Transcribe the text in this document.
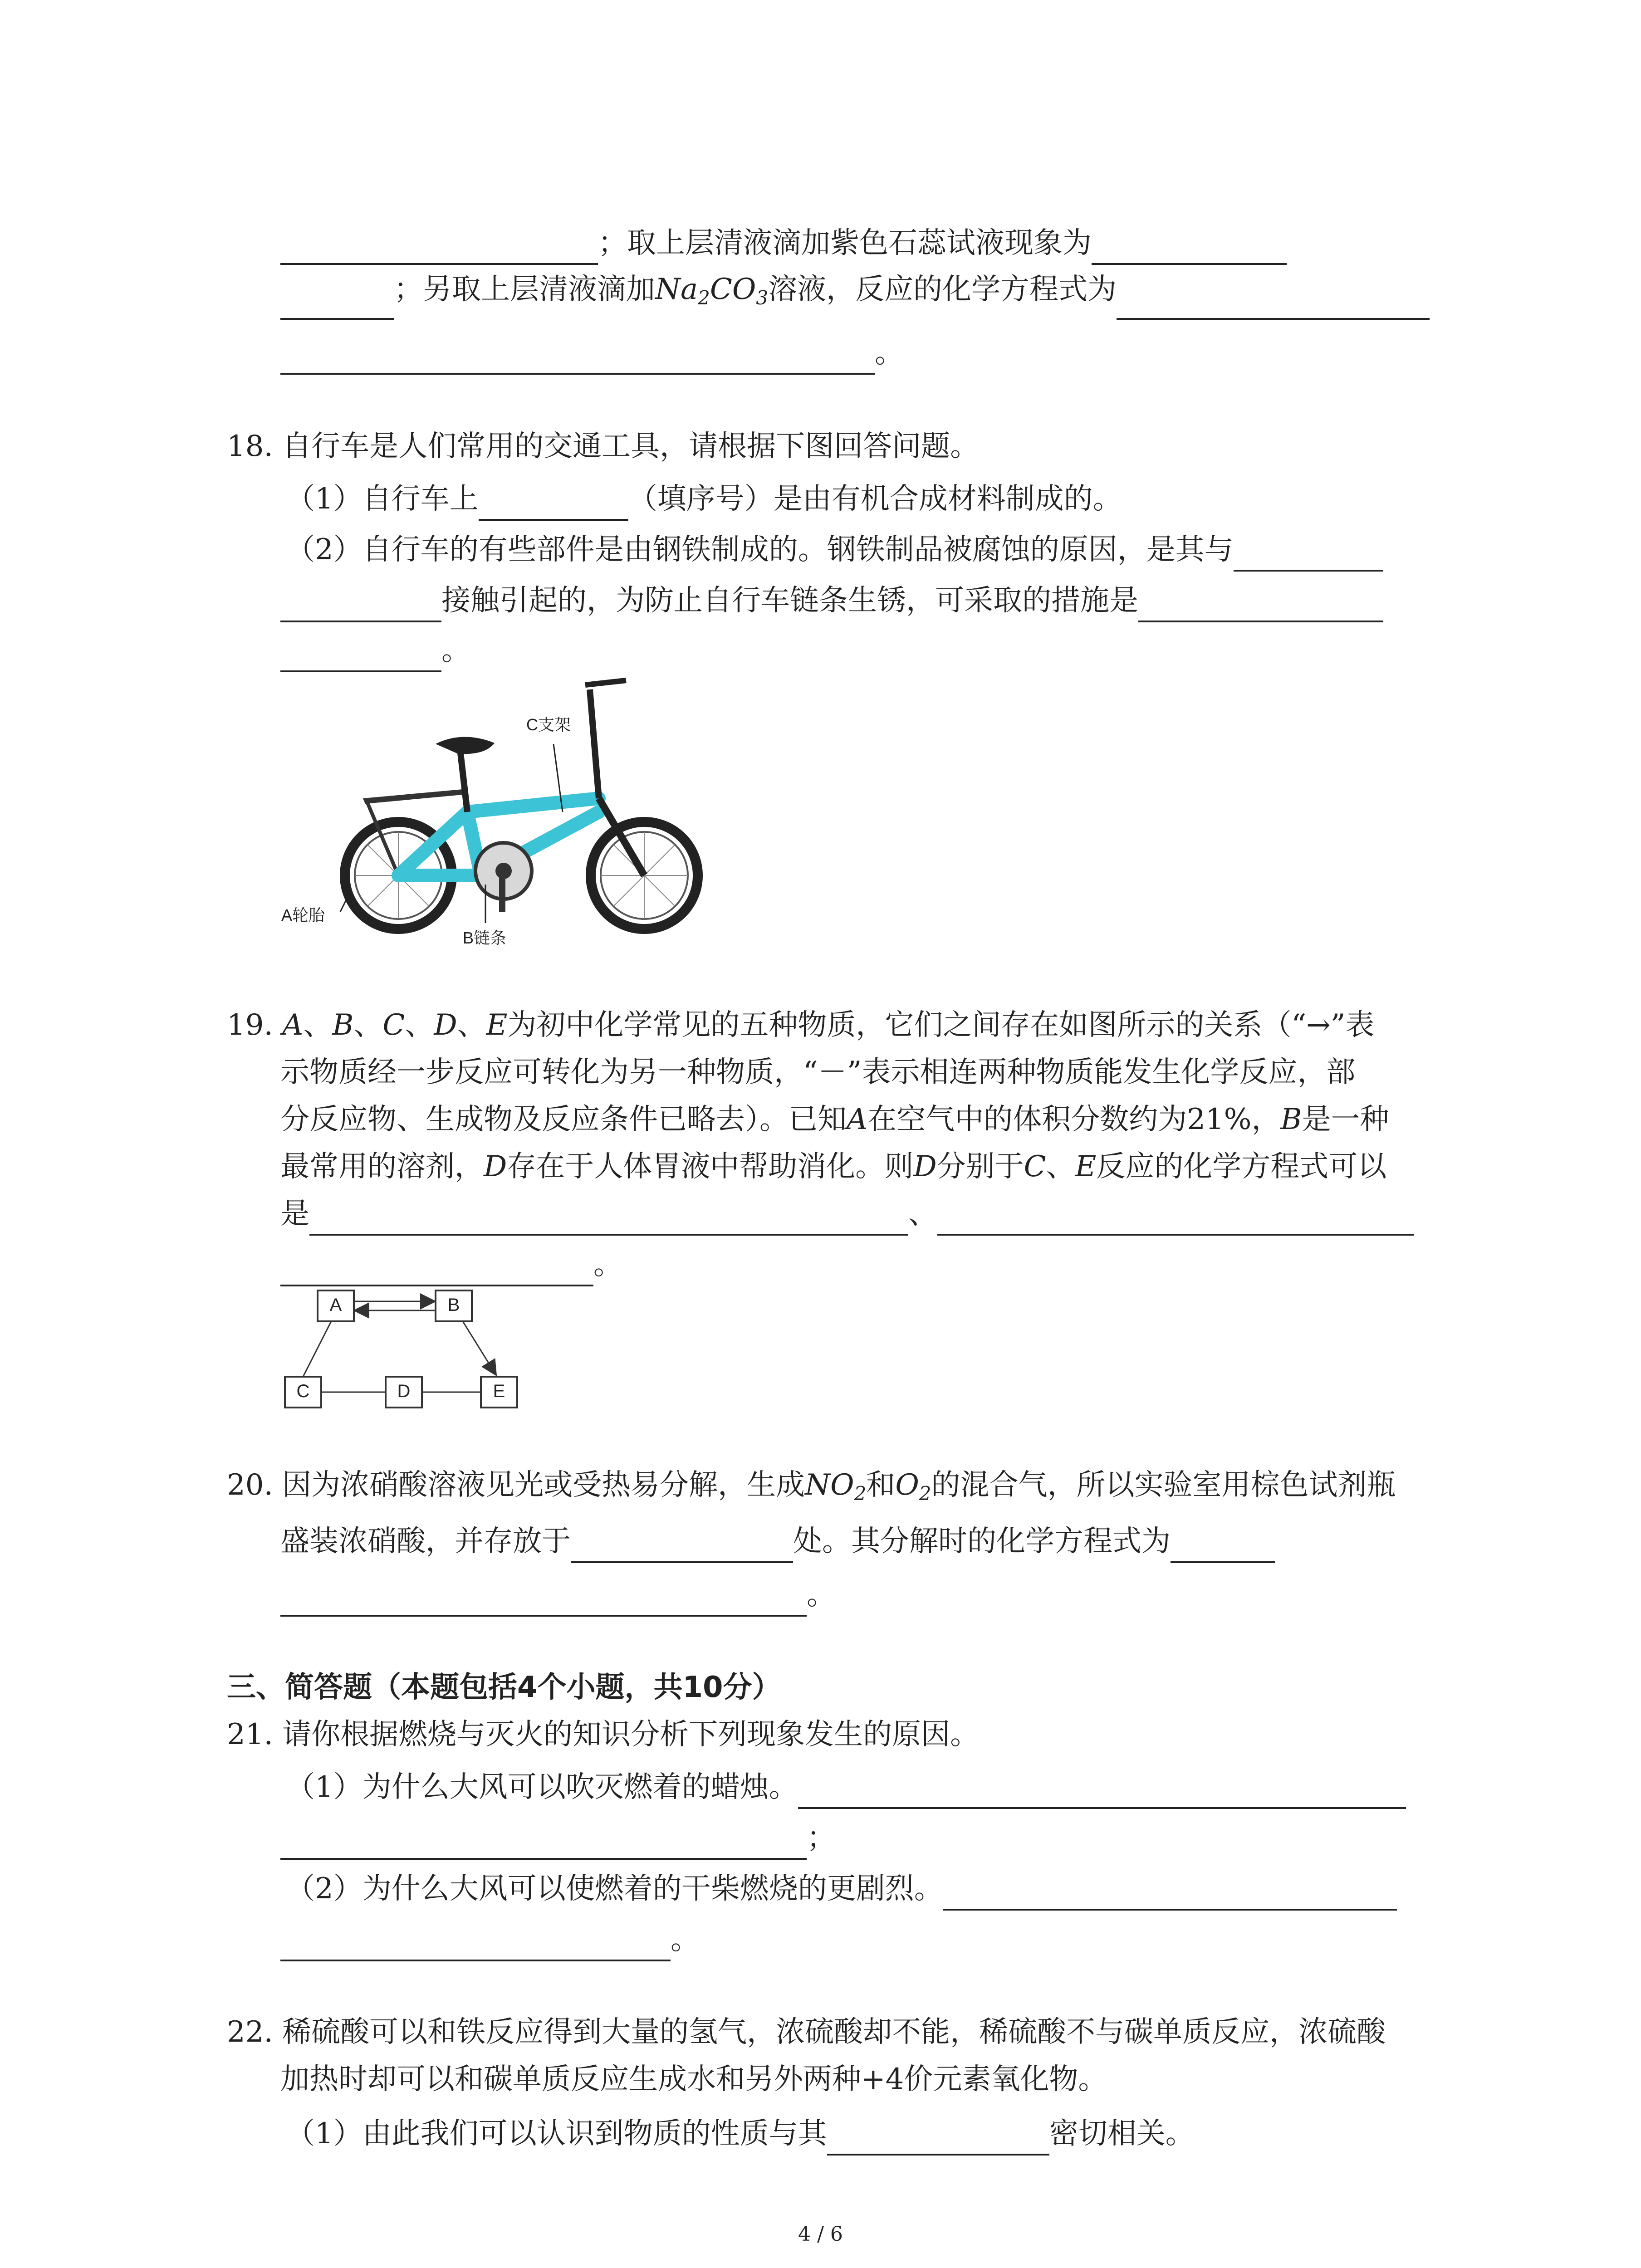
；取上层清液滴加紫色石蕊试液现象为
；另取上层清液滴加$Na_2CO_3$溶液，反应的化学方程式为
。
18. 自行车是人们常用的交通工具，请根据下图回答问题。
（1）自行车上	（填序号）是由有机合成材料制成的。
（2）自行车的有些部件是由钢铁制成的。钢铁制品被腐蚀的原因，是其与
接触引起的，为防止自行车链条生锈，可采取的措施是
。
C支架
B链条
A轮胎
19. A、B、C、D、E为初中化学常见的五种物质，它们之间存在如图所示的关系（“→”表
示物质经一步反应可转化为另一种物质，“－”表示相连两种物质能发生化学反应，部
分反应物、生成物及反应条件已略去）。已知A在空气中的体积分数约为21%，B是一种
最常用的溶剂，D存在于人体胃液中帮助消化。则D分别于C、E反应的化学方程式可以
是	、
。
A	B
C	D	E
20. 因为浓硝酸溶液见光或受热易分解，生成$NO_2$和$O_2$的混合气，所以实验室用棕色试剂瓶
盛装浓硝酸，并存放于	处。其分解时的化学方程式为
。
三、简答题（本题包括4个小题，共10分）
21. 请你根据燃烧与灭火的知识分析下列现象发生的原因。
（1）为什么大风可以吹灭燃着的蜡烛。
；
（2）为什么大风可以使燃着的干柴燃烧的更剧烈。
。
22. 稀硫酸可以和铁反应得到大量的氢气，浓硫酸却不能，稀硫酸不与碳单质反应，浓硫酸
加热时却可以和碳单质反应生成水和另外两种+4价元素氧化物。
（1）由此我们可以认识到物质的性质与其	密切相关。
4 / 6
